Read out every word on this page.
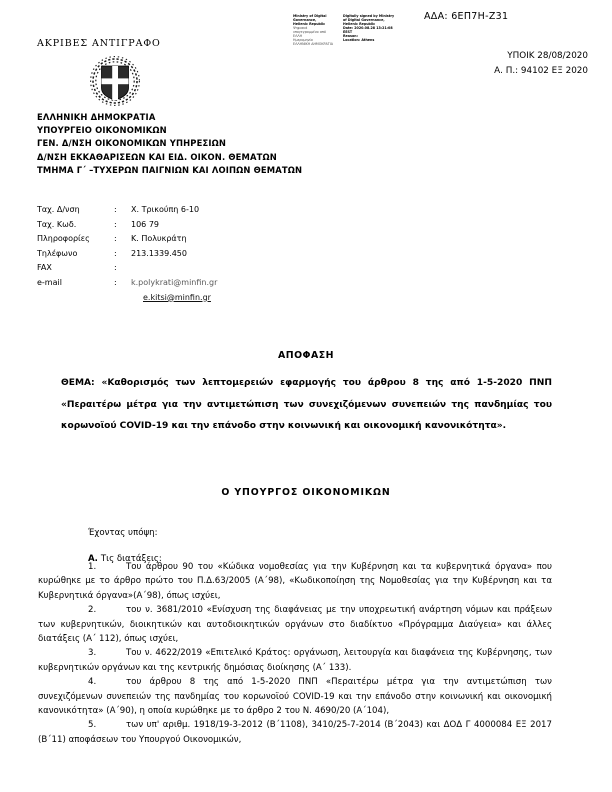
ΑΔΑ: 6ΕΠ7Η-Ζ31
ΑΚΡΙΒΕΣ ΑΝΤΙΓΡΑΦΟ
Ministry of Digital
Governance,
Hellenic Republic
Ψηφιακά
υπογεγραμμένο από
ΕΛΛΗ
Ημερομηνία
ΕΛΛΗΝΙΚΗ ΔΗΜΟΚΡΑΤΙΑ
Digitally signed by Ministry
of Digital Governance,
Hellenic Republic
Date: 2020.08.28 13:21:08
EEST
Reason:
Location: Athens
ΥΠΟΙΚ 28/08/2020
Α. Π.: 94102 ΕΞ 2020
ΕΛΛΗΝΙΚΗ ΔΗΜΟΚΡΑΤΙΑ
ΥΠΟΥΡΓΕΙΟ ΟΙΚΟΝΟΜΙΚΩΝ
ΓΕΝ. Δ/ΝΣΗ ΟΙΚΟΝΟΜΙΚΩΝ ΥΠΗΡΕΣΙΩΝ
Δ/ΝΣΗ ΕΚΚΑΘΑΡΙΣΕΩΝ ΚΑΙ ΕΙΔ. ΟΙΚΟΝ. ΘΕΜΑΤΩΝ
ΤΜΗΜΑ Γ΄ –ΤΥΧΕΡΩΝ ΠΑΙΓΝΙΩΝ ΚΑΙ ΛΟΙΠΩΝ ΘΕΜΑΤΩΝ
Ταχ. Δ/νση	:	Χ. Τρικούπη 6-10
Ταχ. Κωδ.	:	106 79
Πληροφορίες	:	Κ. Πολυκράτη
Τηλέφωνο	:	213.1339.450
FAX	:	
e-mail	:	k.polykrati@minfin.gr
		e.kitsi@minfin.gr
ΑΠΟΦΑΣΗ
ΘΕΜΑ: «Καθορισμός των λεπτομερειών εφαρμογής του άρθρου 8 της από 1-5-2020 ΠΝΠ «Περαιτέρω μέτρα για την αντιμετώπιση των συνεχιζόμενων συνεπειών της πανδημίας του κορωνοϊού COVID-19 και την επάνοδο στην κοινωνική και οικονομική κανονικότητα».
Ο ΥΠΟΥΡΓΟΣ ΟΙΚΟΝΟΜΙΚΩΝ
Έχοντας υπόψη:
Α. Τις διατάξεις:

1.	Του άρθρου 90 του «Κώδικα νομοθεσίας για την Κυβέρνηση και τα κυβερνητικά όργανα» που κυρώθηκε με το άρθρο πρώτο του Π.Δ.63/2005 (Α΄98), «Κωδικοποίηση της Νομοθεσίας για την Κυβέρνηση και τα Κυβερνητικά όργανα»(Α΄98), όπως ισχύει,

2.	του ν. 3681/2010 «Ενίσχυση της διαφάνειας με την υποχρεωτική ανάρτηση νόμων και πράξεων των κυβερνητικών, διοικητικών και αυτοδιοικητικών οργάνων στο διαδίκτυο «Πρόγραμμα Διαύγεια» και άλλες διατάξεις (Α΄ 112), όπως ισχύει,

3.	Του ν. 4622/2019 «Επιτελικό Κράτος: οργάνωση, λειτουργία και διαφάνεια της Κυβέρνησης, των κυβερνητικών οργάνων και της κεντρικής δημόσιας διοίκησης (Α΄ 133).

4.	του άρθρου 8 της από 1-5-2020 ΠΝΠ «Περαιτέρω μέτρα για την αντιμετώπιση των συνεχιζόμενων συνεπειών της πανδημίας του κορωνοϊού COVID-19 και την επάνοδο στην κοινωνική και οικονομική κανονικότητα» (Α΄90), η οποία κυρώθηκε με το άρθρο 2 του Ν. 4690/20 (Α΄104),

5.	των υπ' αριθμ. 1918/19-3-2012 (Β΄1108), 3410/25-7-2014 (Β΄2043) και ΔΟΔ Γ 4000084 ΕΞ 2017 (Β΄11) αποφάσεων του Υπουργού Οικονομικών,
